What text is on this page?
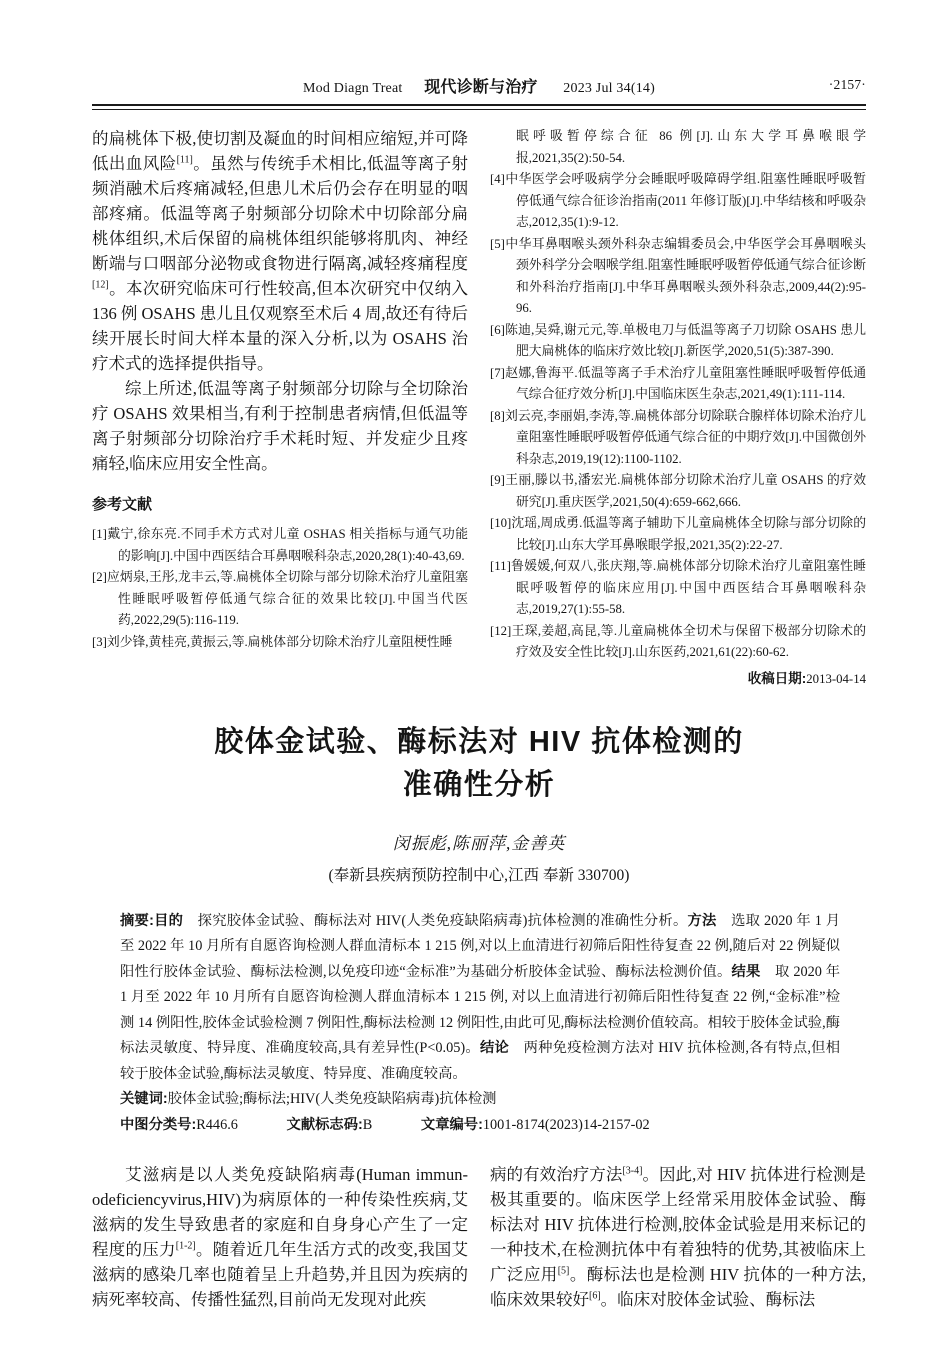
Mod Diagn Treat 现代诊断与治疗 2023 Jul 34(14)	·2157·

的扁桃体下极,使切割及凝血的时间相应缩短,并可降低出血风险[11]。虽然与传统手术相比,低温等离子射频消融术后疼痛减轻,但患儿术后仍会存在明显的咽部疼痛。低温等离子射频部分切除术中切除部分扁桃体组织,术后保留的扁桃体组织能够将肌肉、神经断端与口咽部分泌物或食物进行隔离,减轻疼痛程度[12]。本次研究临床可行性较高,但本次研究中仅纳入 136 例 OSAHS 患儿且仅观察至术后 4 周,故还有待后续开展长时间大样本量的深入分析,以为 OSAHS 治疗术式的选择提供指导。

综上所述,低温等离子射频部分切除与全切除治疗 OSAHS 效果相当,有利于控制患者病情,但低温等离子射频部分切除治疗手术耗时短、并发症少且疼痛轻,临床应用安全性高。

参考文献

[1]戴宁,徐东亮.不同手术方式对儿童 OSHAS 相关指标与通气功能的影响[J].中国中西医结合耳鼻咽喉科杂志,2020,28(1):40-43,69.

[2]应炳泉,王彤,龙丰云,等.扁桃体全切除与部分切除术治疗儿童阻塞性睡眠呼吸暂停低通气综合征的效果比较[J].中国当代医药,2022,29(5):116-119.

[3]刘少锋,黄桂亮,黄振云,等.扁桃体部分切除术治疗儿童阻梗性睡

眠呼吸暂停综合征 86 例[J].山东大学耳鼻喉眼学报,2021,35(2):50-54.

[4]中华医学会呼吸病学分会睡眠呼吸障碍学组.阻塞性睡眠呼吸暂停低通气综合征诊治指南(2011 年修订版)[J].中华结核和呼吸杂志,2012,35(1):9-12.

[5]中华耳鼻咽喉头颈外科杂志编辑委员会,中华医学会耳鼻咽喉头颈外科学分会咽喉学组.阻塞性睡眠呼吸暂停低通气综合征诊断和外科治疗指南[J].中华耳鼻咽喉头颈外科杂志,2009,44(2):95-96.

[6]陈迪,吴舜,谢元元,等.单极电刀与低温等离子刀切除 OSAHS 患儿肥大扁桃体的临床疗效比较[J].新医学,2020,51(5):387-390.

[7]赵娜,鲁海平.低温等离子手术治疗儿童阻塞性睡眠呼吸暂停低通气综合征疗效分析[J].中国临床医生杂志,2021,49(1):111-114.

[8]刘云亮,李丽娟,李涛,等.扁桃体部分切除联合腺样体切除术治疗儿童阻塞性睡眠呼吸暂停低通气综合征的中期疗效[J].中国微创外科杂志,2019,19(12):1100-1102.

[9]王丽,滕以书,潘宏光.扁桃体部分切除术治疗儿童 OSAHS 的疗效研究[J].重庆医学,2021,50(4):659-662,666.

[10]沈瑶,周成勇.低温等离子辅助下儿童扁桃体全切除与部分切除的比较[J].山东大学耳鼻喉眼学报,2021,35(2):22-27.

[11]鲁媛媛,何双八,张庆翔,等.扁桃体部分切除术治疗儿童阻塞性睡眠呼吸暂停的临床应用[J].中国中西医结合耳鼻咽喉科杂志,2019,27(1):55-58.

[12]王琛,姜超,高昆,等.儿童扁桃体全切术与保留下极部分切除术的疗效及安全性比较[J].山东医药,2021,61(22):60-62.

收稿日期:2013-04-14
胶体金试验、酶标法对 HIV 抗体检测的
准确性分析
闵振彪,陈丽萍,金善英
(奉新县疾病预防控制中心,江西 奉新 330700)
摘要:目的　探究胶体金试验、酶标法对 HIV(人类免疫缺陷病毒)抗体检测的准确性分析。方法　选取 2020 年 1 月至 2022 年 10 月所有自愿咨询检测人群血清标本 1 215 例,对以上血清进行初筛后阳性待复查 22 例,随后对 22 例疑似阳性行胶体金试验、酶标法检测,以免疫印迹“金标准”为基础分析胶体金试验、酶标法检测价值。结果　取 2020 年 1 月至 2022 年 10 月所有自愿咨询检测人群血清标本 1 215 例, 对以上血清进行初筛后阳性待复查 22 例,“金标准”检测 14 例阳性,胶体金试验检测 7 例阳性,酶标法检测 12 例阳性,由此可见,酶标法检测价值较高。相较于胶体金试验,酶标法灵敏度、特异度、准确度较高,具有差异性(P<0.05)。结论　两种免疫检测方法对 HIV 抗体检测,各有特点,但相较于胶体金试验,酶标法灵敏度、特异度、准确度较高。
关键词:胶体金试验;酶标法;HIV(人类免疫缺陷病毒)抗体检测
中图分类号:R446.6	文献标志码:B	文章编号:1001-8174(2023)14-2157-02

艾滋病是以人类免疫缺陷病毒(Human immun-odeficiencyvirus,HIV)为病原体的一种传染性疾病,艾滋病的发生导致患者的家庭和自身身心产生了一定程度的压力[1-2]。随着近几年生活方式的改变,我国艾滋病的感染几率也随着呈上升趋势,并且因为疾病的病死率较高、传播性猛烈,目前尚无发现对此疾

病的有效治疗方法[3-4]。因此,对 HIV 抗体进行检测是极其重要的。临床医学上经常采用胶体金试验、酶标法对 HIV 抗体进行检测,胶体金试验是用来标记的一种技术,在检测抗体中有着独特的优势,其被临床上广泛应用[5]。酶标法也是检测 HIV 抗体的一种方法,临床效果较好[6]。临床对胶体金试验、酶标法
